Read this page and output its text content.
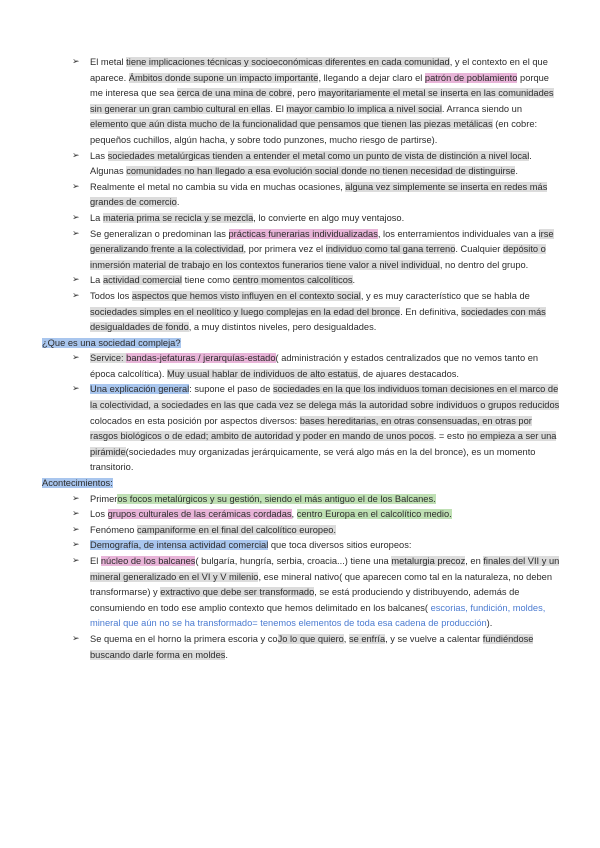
➢ El metal tiene implicaciones técnicas y socioeconómicas diferentes en cada comunidad, y el contexto en el que aparece. Ámbitos donde supone un impacto importante, llegando a dejar claro el patrón de poblamiento porque me interesa que sea cerca de una mina de cobre, pero mayoritariamente el metal se inserta en las comunidades sin generar un gran cambio cultural en ellas. El mayor cambio lo implica a nivel social. Arranca siendo un elemento que aún dista mucho de la funcionalidad que pensamos que tienen las piezas metálicas (en cobre: pequeños cuchillos, algún hacha, y sobre todo punzones, mucho riesgo de partirse).
➢ Las sociedades metalúrgicas tienden a entender el metal como un punto de vista de distinción a nivel local. Algunas comunidades no han llegado a esa evolución social donde no tienen necesidad de distinguirse.
➢ Realmente el metal no cambia su vida en muchas ocasiones, alguna vez simplemente se inserta en redes más grandes de comercio.
➢ La materia prima se recicla y se mezcla, lo convierte en algo muy ventajoso.
➢ Se generalizan o predominan las prácticas funerarias individualizadas, los enterramientos individuales van a irse generalizando frente a la colectividad, por primera vez el individuo como tal gana terreno. Cualquier depósito o inmersión material de trabajo en los contextos funerarios tiene valor a nivel individual, no dentro del grupo.
➢ La actividad comercial tiene como centro momentos calcolíticos.
➢ Todos los aspectos que hemos visto influyen en el contexto social, y es muy característico que se habla de sociedades simples en el neolítico y luego complejas en la edad del bronce. En definitiva, sociedades con más desigualdades de fondo, a muy distintos niveles, pero desigualdades.
¿Que es una sociedad compleja?
➢ Service: bandas-jefaturas / jerarquías-estado( administración y estados centralizados que no vemos tanto en época calcolítica). Muy usual hablar de individuos de alto estatus, de ajuares destacados.
➢ Una explicación general: supone el paso de sociedades en la que los individuos toman decisiones en el marco de la colectividad, a sociedades en las que cada vez se delega más la autoridad sobre individuos o grupos reducidos colocados en esta posición por aspectos diversos: bases hereditarias, en otras consensuadas, en otras por rasgos biológicos o de edad; ambito de autoridad y poder en mando de unos pocos. = esto no empieza a ser una pirámide(sociedades muy organizadas jerárquicamente, se verá algo más en la del bronce), es un momento transitorio.
Acontecimientos:
➢ Primeros focos metalúrgicos y su gestión, siendo el más antiguo el de los Balcanes.
➢ Los grupos culturales de las cerámicas cordadas, centro Europa en el calcolítico medio.
➢ Fenómeno campaniforme en el final del calcolítico europeo.
➢ Demografía, de intensa actividad comercial que toca diversos sitios europeos:
➢ El núcleo de los balcanes( bulgaría, hungría, serbia, croacia...) tiene una metalurgia precoz, en finales del VII y un mineral generalizado en el VI y V milenio, ese mineral nativo( que aparecen como tal en la naturaleza, no deben transformarse) y extractivo que debe ser transformado, se está produciendo y distribuyendo, además de consumiendo en todo ese amplio contexto que hemos delimitado en los balcanes( escorias, fundición, moldes, mineral que aún no se ha transformado= tenemos elementos de toda esa cadena de producción).
➢ Se quema en el horno la primera escoria y coJo lo que quiero, se enfría, y se vuelve a calentar fundiéndose buscando darle forma en moldes.
